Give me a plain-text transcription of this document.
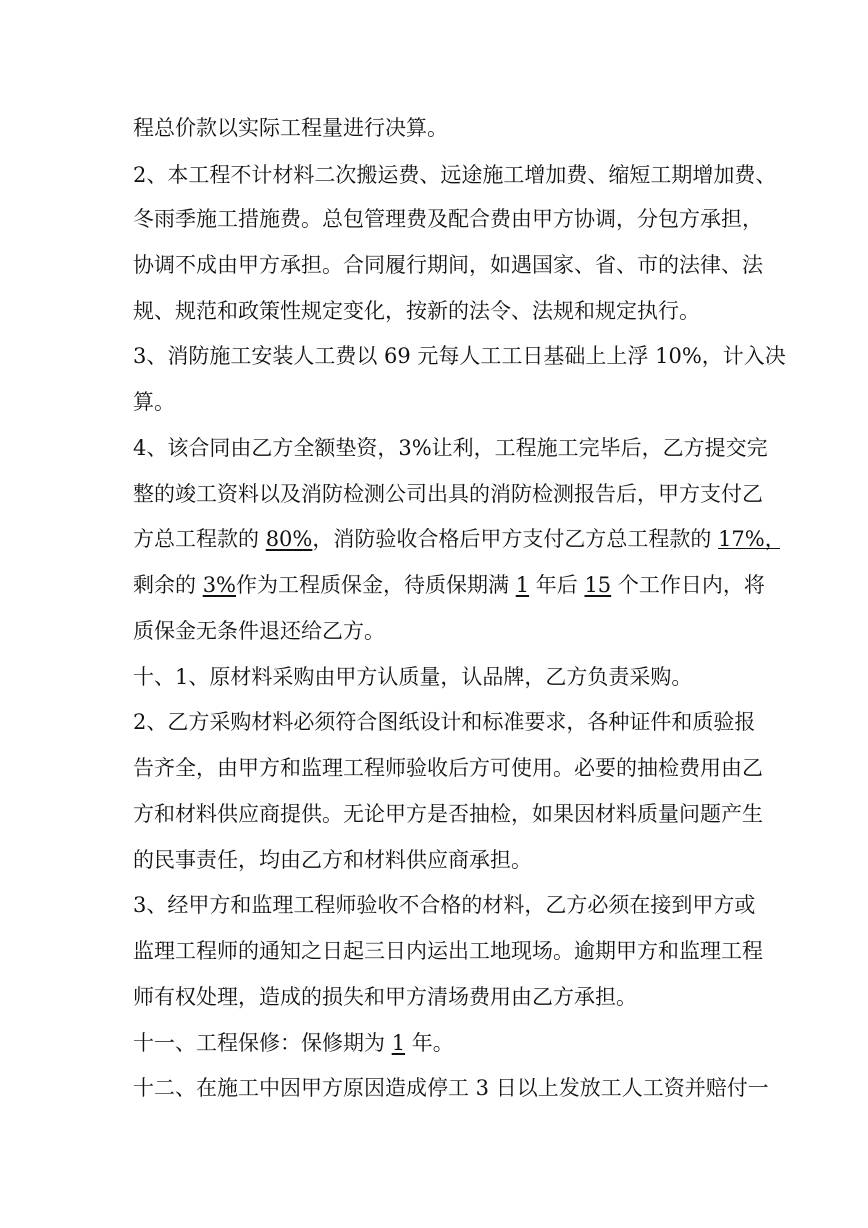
程总价款以实际工程量进行决算。
2、本工程不计材料二次搬运费、远途施工增加费、缩短工期增加费、
冬雨季施工措施费。总包管理费及配合费由甲方协调，分包方承担，
协调不成由甲方承担。合同履行期间，如遇国家、省、市的法律、法
规、规范和政策性规定变化，按新的法令、法规和规定执行。
3、消防施工安装人工费以 69 元每人工工日基础上上浮 10%，计入决
算。
4、该合同由乙方全额垫资，3%让利，工程施工完毕后，乙方提交完
整的竣工资料以及消防检测公司出具的消防检测报告后，甲方支付乙
方总工程款的 80%，消防验收合格后甲方支付乙方总工程款的 17%，
剩余的 3%作为工程质保金，待质保期满 1 年后 15 个工作日内，将
质保金无条件退还给乙方。
十、1、原材料采购由甲方认质量，认品牌，乙方负责采购。
2、乙方采购材料必须符合图纸设计和标准要求，各种证件和质验报
告齐全，由甲方和监理工程师验收后方可使用。必要的抽检费用由乙
方和材料供应商提供。无论甲方是否抽检，如果因材料质量问题产生
的民事责任，均由乙方和材料供应商承担。
3、经甲方和监理工程师验收不合格的材料，乙方必须在接到甲方或
监理工程师的通知之日起三日内运出工地现场。逾期甲方和监理工程
师有权处理，造成的损失和甲方清场费用由乙方承担。
十一、工程保修：保修期为 1 年。
十二、在施工中因甲方原因造成停工 3 日以上发放工人工资并赔付一
